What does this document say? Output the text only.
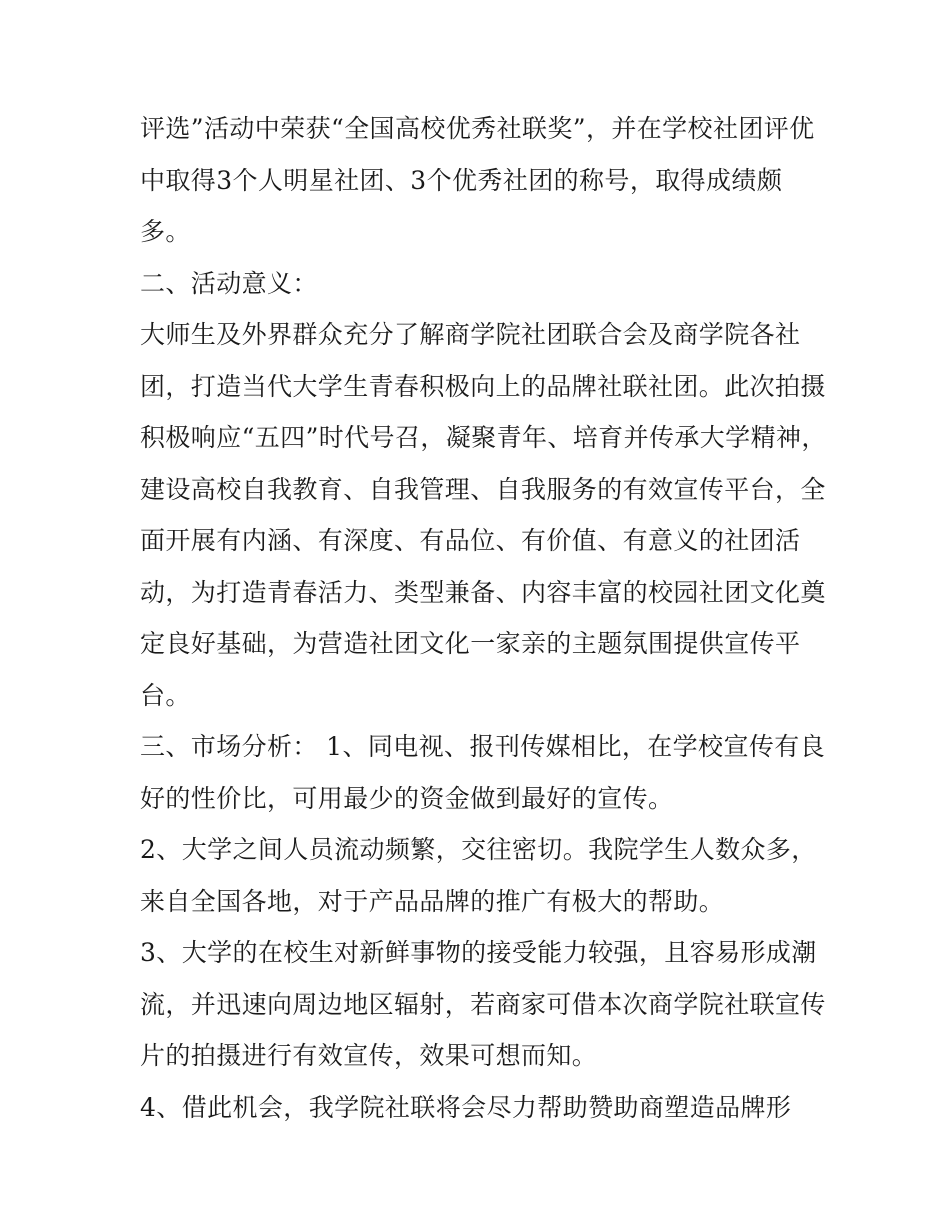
评选”活动中荣获“全国高校优秀社联奖”，并在学校社团评优
中取得3个人明星社团、3个优秀社团的称号，取得成绩颇
多。
二、活动意义：
大师生及外界群众充分了解商学院社团联合会及商学院各社
团，打造当代大学生青春积极向上的品牌社联社团。此次拍摄
积极响应“五四”时代号召，凝聚青年、培育并传承大学精神，
建设高校自我教育、自我管理、自我服务的有效宣传平台，全
面开展有内涵、有深度、有品位、有价值、有意义的社团活
动，为打造青春活力、类型兼备、内容丰富的校园社团文化奠
定良好基础，为营造社团文化一家亲的主题氛围提供宣传平
台。
三、市场分析： 1、同电视、报刊传媒相比，在学校宣传有良
好的性价比，可用最少的资金做到最好的宣传。
2、大学之间人员流动频繁，交往密切。我院学生人数众多，
来自全国各地，对于产品品牌的推广有极大的帮助。
3、大学的在校生对新鲜事物的接受能力较强，且容易形成潮
流，并迅速向周边地区辐射，若商家可借本次商学院社联宣传
片的拍摄进行有效宣传，效果可想而知。
4、借此机会，我学院社联将会尽力帮助赞助商塑造品牌形
